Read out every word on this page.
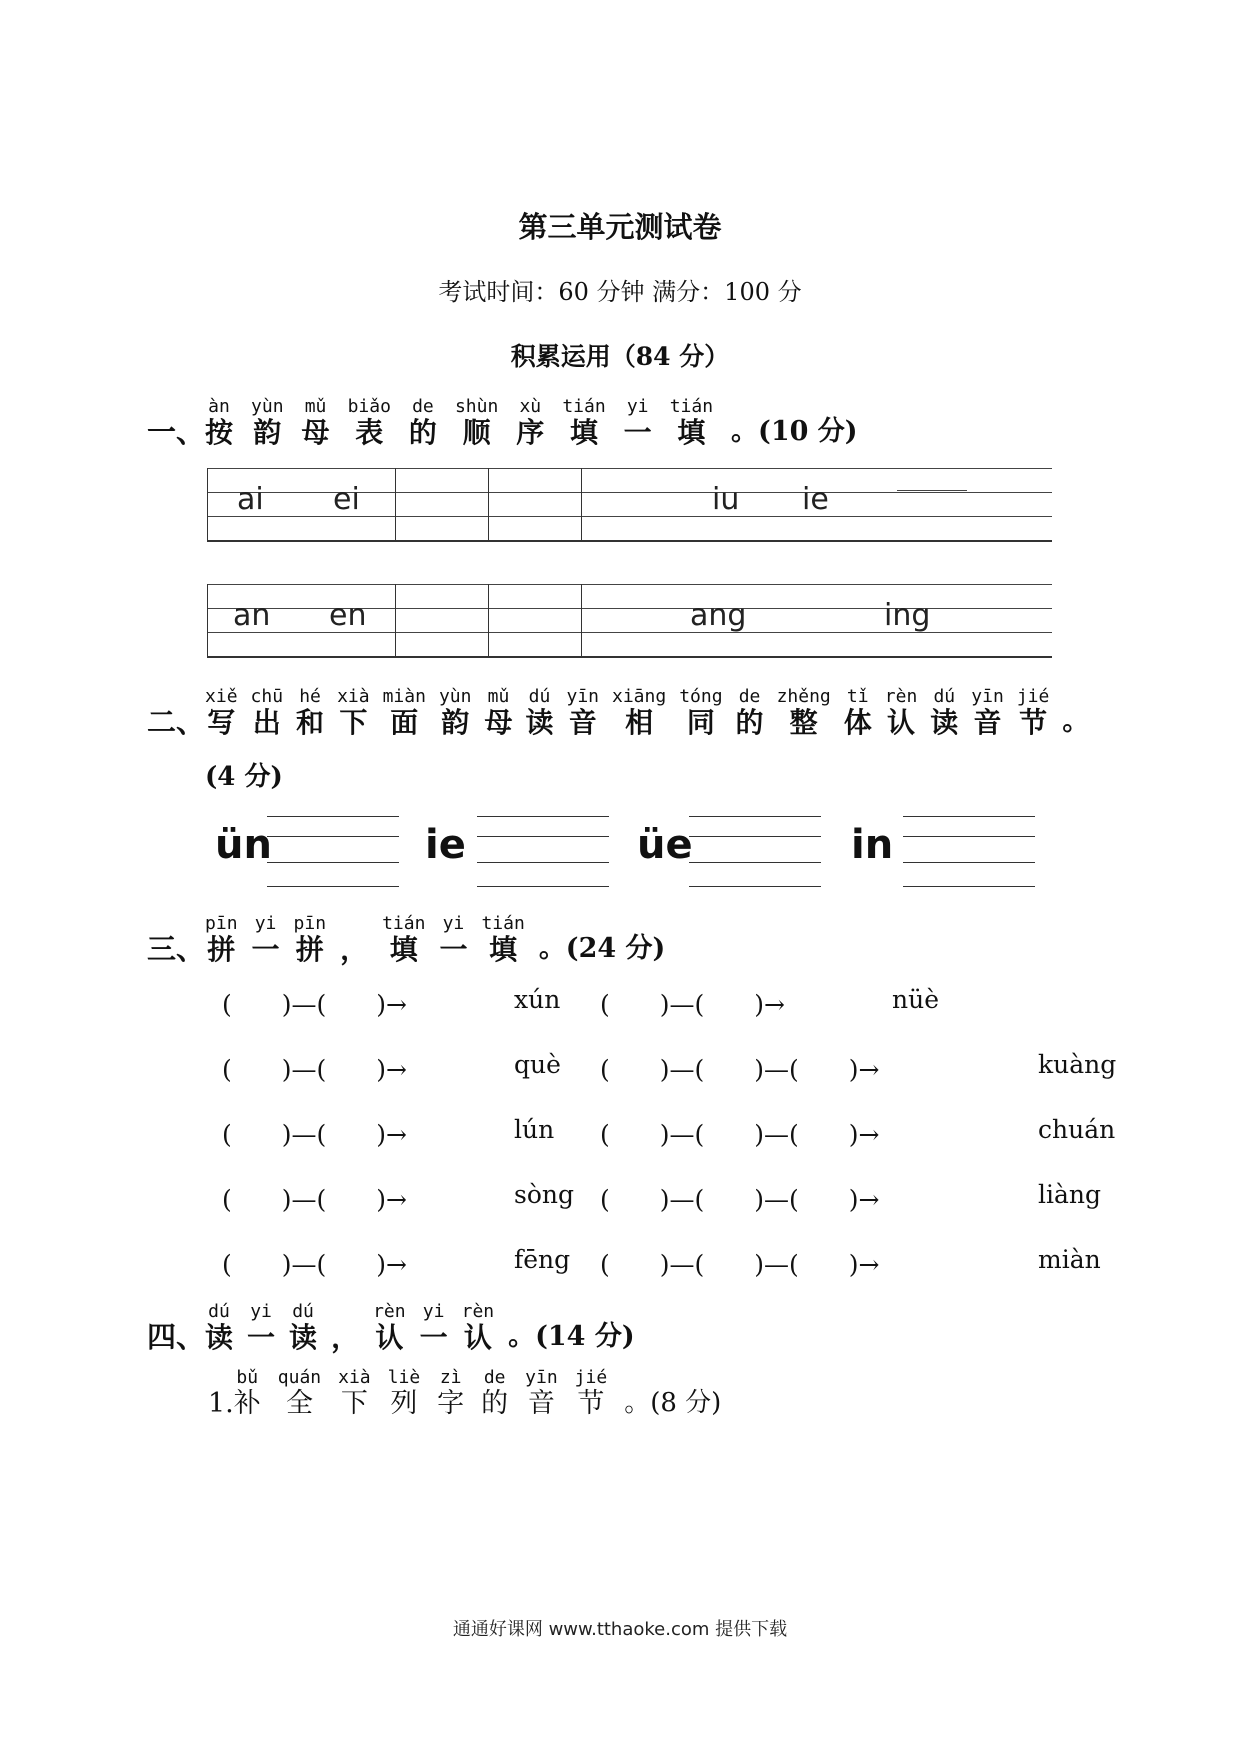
第三单元测试卷
考试时间：60 分钟 满分：100 分
积累运用（84 分）
一、
àn
按
yùn
韵
mǔ
母
biǎo
表
de
的
shùn
顺
xù
序
tián
填
yi
一
tián
填 。(10 分)
ai ei	iu ie
an en	ang	ing
二、
xiě
写
chū
出
hé
和
xià
下
miàn
面
yùn
韵
mǔ
母
dú
读
yīn
音
xiāng
相
tóng
同
de
的
zhěng
整
tǐ
体
rèn
认
dú
读
yīn
音
jié
节 。
(4 分)
ün	ie	üe	in
三、
pīn
拼
yi
一
pīn
拼 ，
tián
填
yi
一
tián
填 。(24 分)
(　　)—(　　)→	xún (　　)—(　　)→	nüè
(　　)—(　　)→	què (　　)—(　　)—(　　)→	kuàng
(　　)—(　　)→	lún (　　)—(　　)—(　　)→	chuán
(　　)—(　　)→	sòng (　　)—(　　)—(　　)→	liàng
(　　)—(　　)→	fēng (　　)—(　　)—(　　)→	miàn
四、
dú
读
yi
一
dú
读 ，
rèn
认
yi
一
rèn
认 。(14 分)
1.
bǔ
补
quán
全
xià
下
liè
列
zì
字
de
的
yīn
音
jié
节 。(8 分)
通通好课网 www.tthaoke.com 提供下载
